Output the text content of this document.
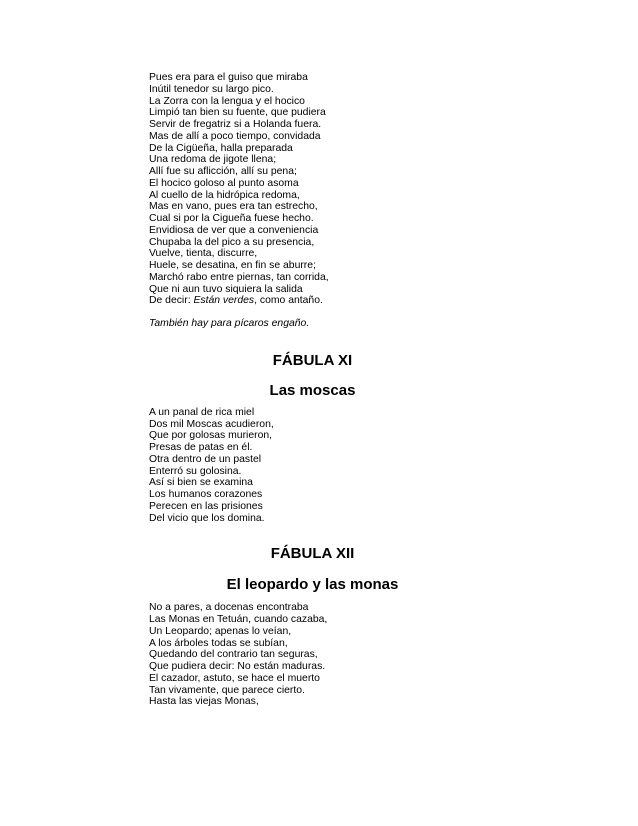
Pues era para el guiso que miraba
Inútil tenedor su largo pico.
La Zorra con la lengua y el hocico
Limpió tan bien su fuente, que pudiera
Servir de fregatriz si a Holanda fuera.
Mas de allí a poco tiempo, convidada
De la Cigüeña, halla preparada
Una redoma de jigote llena;
Allí fue su aflicción, allí su pena;
El hocico goloso al punto asoma
Al cuello de la hidrópica redoma,
Mas en vano, pues era tan estrecho,
Cual si por la Cigueña fuese hecho.
Envidiosa de ver que a conveniencia
Chupaba la del pico a su presencia,
Vuelve, tienta, discurre,
Huele, se desatina, en fin se aburre;
Marchó rabo entre piernas, tan corrida,
Que ni aun tuvo siquiera la salida
De decir: Están verdes, como antaño.
También hay para pícaros engaño.
FÁBULA XI
Las moscas
A un panal de rica miel
Dos mil Moscas acudieron,
Que por golosas murieron,
Presas de patas en él.
Otra dentro de un pastel
Enterró su golosina.
Así si bien se examina
Los humanos corazones
Perecen en las prisiones
Del vicio que los domina.
FÁBULA XII
El leopardo y las monas
No a pares, a docenas encontraba
Las Monas en Tetuán, cuando cazaba,
Un Leopardo; apenas lo veían,
A los árboles todas se subían,
Quedando del contrario tan seguras,
Que pudiera decir: No están maduras.
El cazador, astuto, se hace el muerto
Tan vivamente, que parece cierto.
Hasta las viejas Monas,
